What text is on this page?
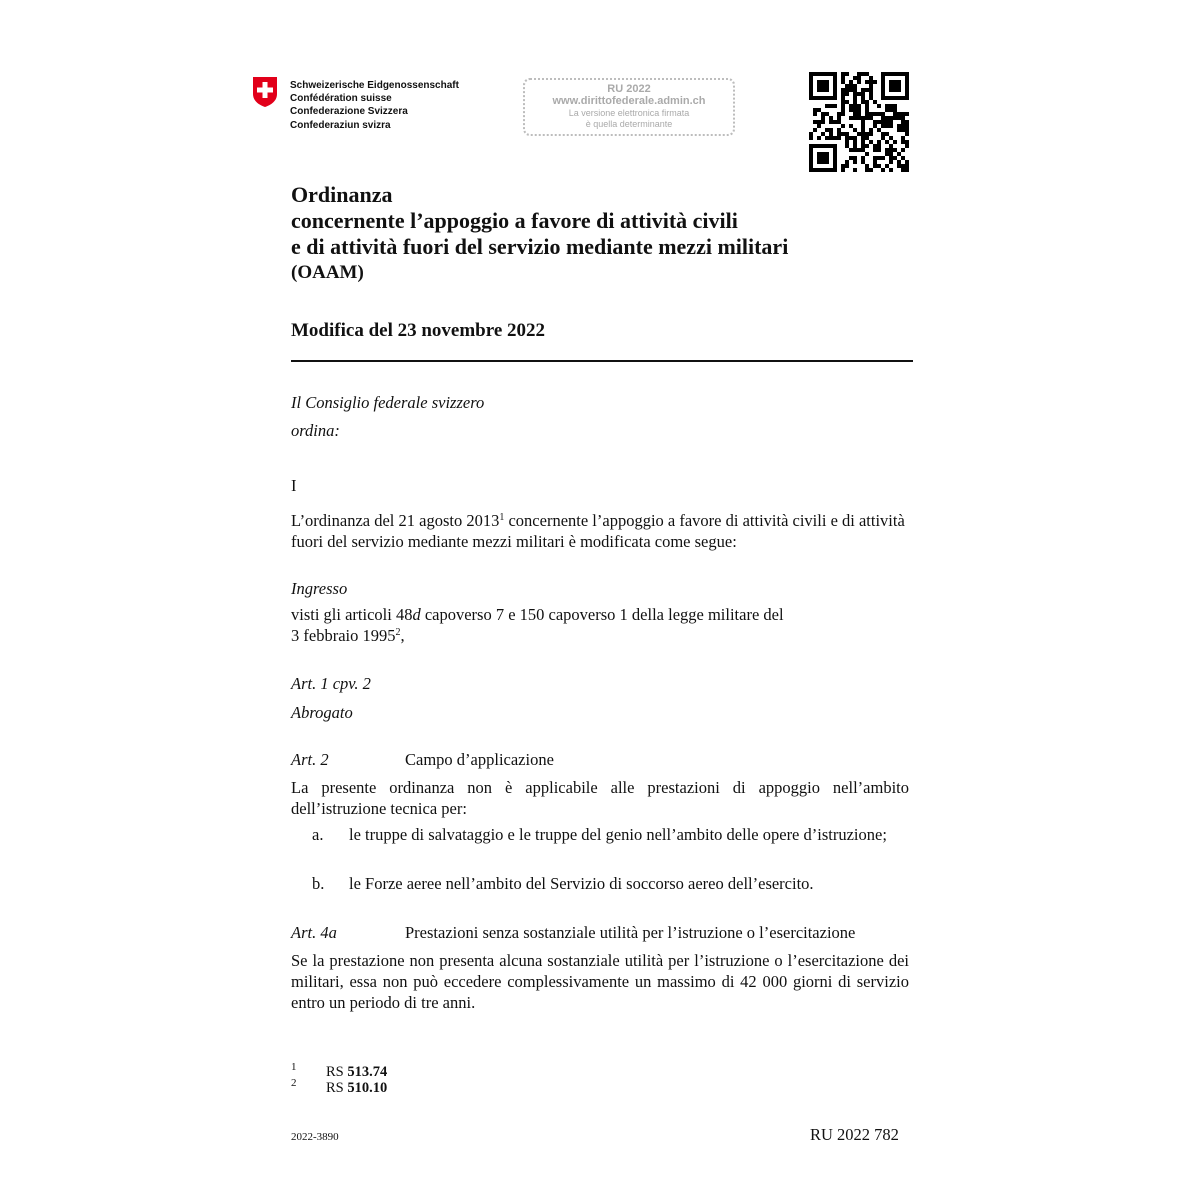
Schweizerische Eidgenossenschaft
Confédération suisse
Confederazione Svizzera
Confederaziun svizra
RU 2022
www.dirittofederale.admin.ch
La versione elettronica firmata
è quella determinante
Ordinanza
concernente l’appoggio a favore di attività civili
e di attività fuori del servizio mediante mezzi militari
(OAAM)
Modifica del 23 novembre 2022
Il Consiglio federale svizzero
ordina:
I
L’ordinanza del 21 agosto 2013$^1$ concernente l’appoggio a favore di attività civili e di attività fuori del servizio mediante mezzi militari è modificata come segue:
Ingresso
visti gli articoli 48d capoverso 7 e 150 capoverso 1 della legge militare del
3 febbraio 1995$^2$,
Art. 1 cpv. 2
Abrogato
Art. 2	Campo d’applicazione
La presente ordinanza non è applicabile alle prestazioni di appoggio nell’ambito dell’istruzione tecnica per:
a. le truppe di salvataggio e le truppe del genio nell’ambito delle opere d’istruzione;
b. le Forze aeree nell’ambito del Servizio di soccorso aereo dell’esercito.
Art. 4a	Prestazioni senza sostanziale utilità per l’istruzione o l’esercitazione
Se la prestazione non presenta alcuna sostanziale utilità per l’istruzione o l’esercitazione dei militari, essa non può eccedere complessivamente un massimo di 42 000 giorni di servizio entro un periodo di tre anni.
1 RS 513.74
2 RS 510.10
2022-3890	RU 2022 782
